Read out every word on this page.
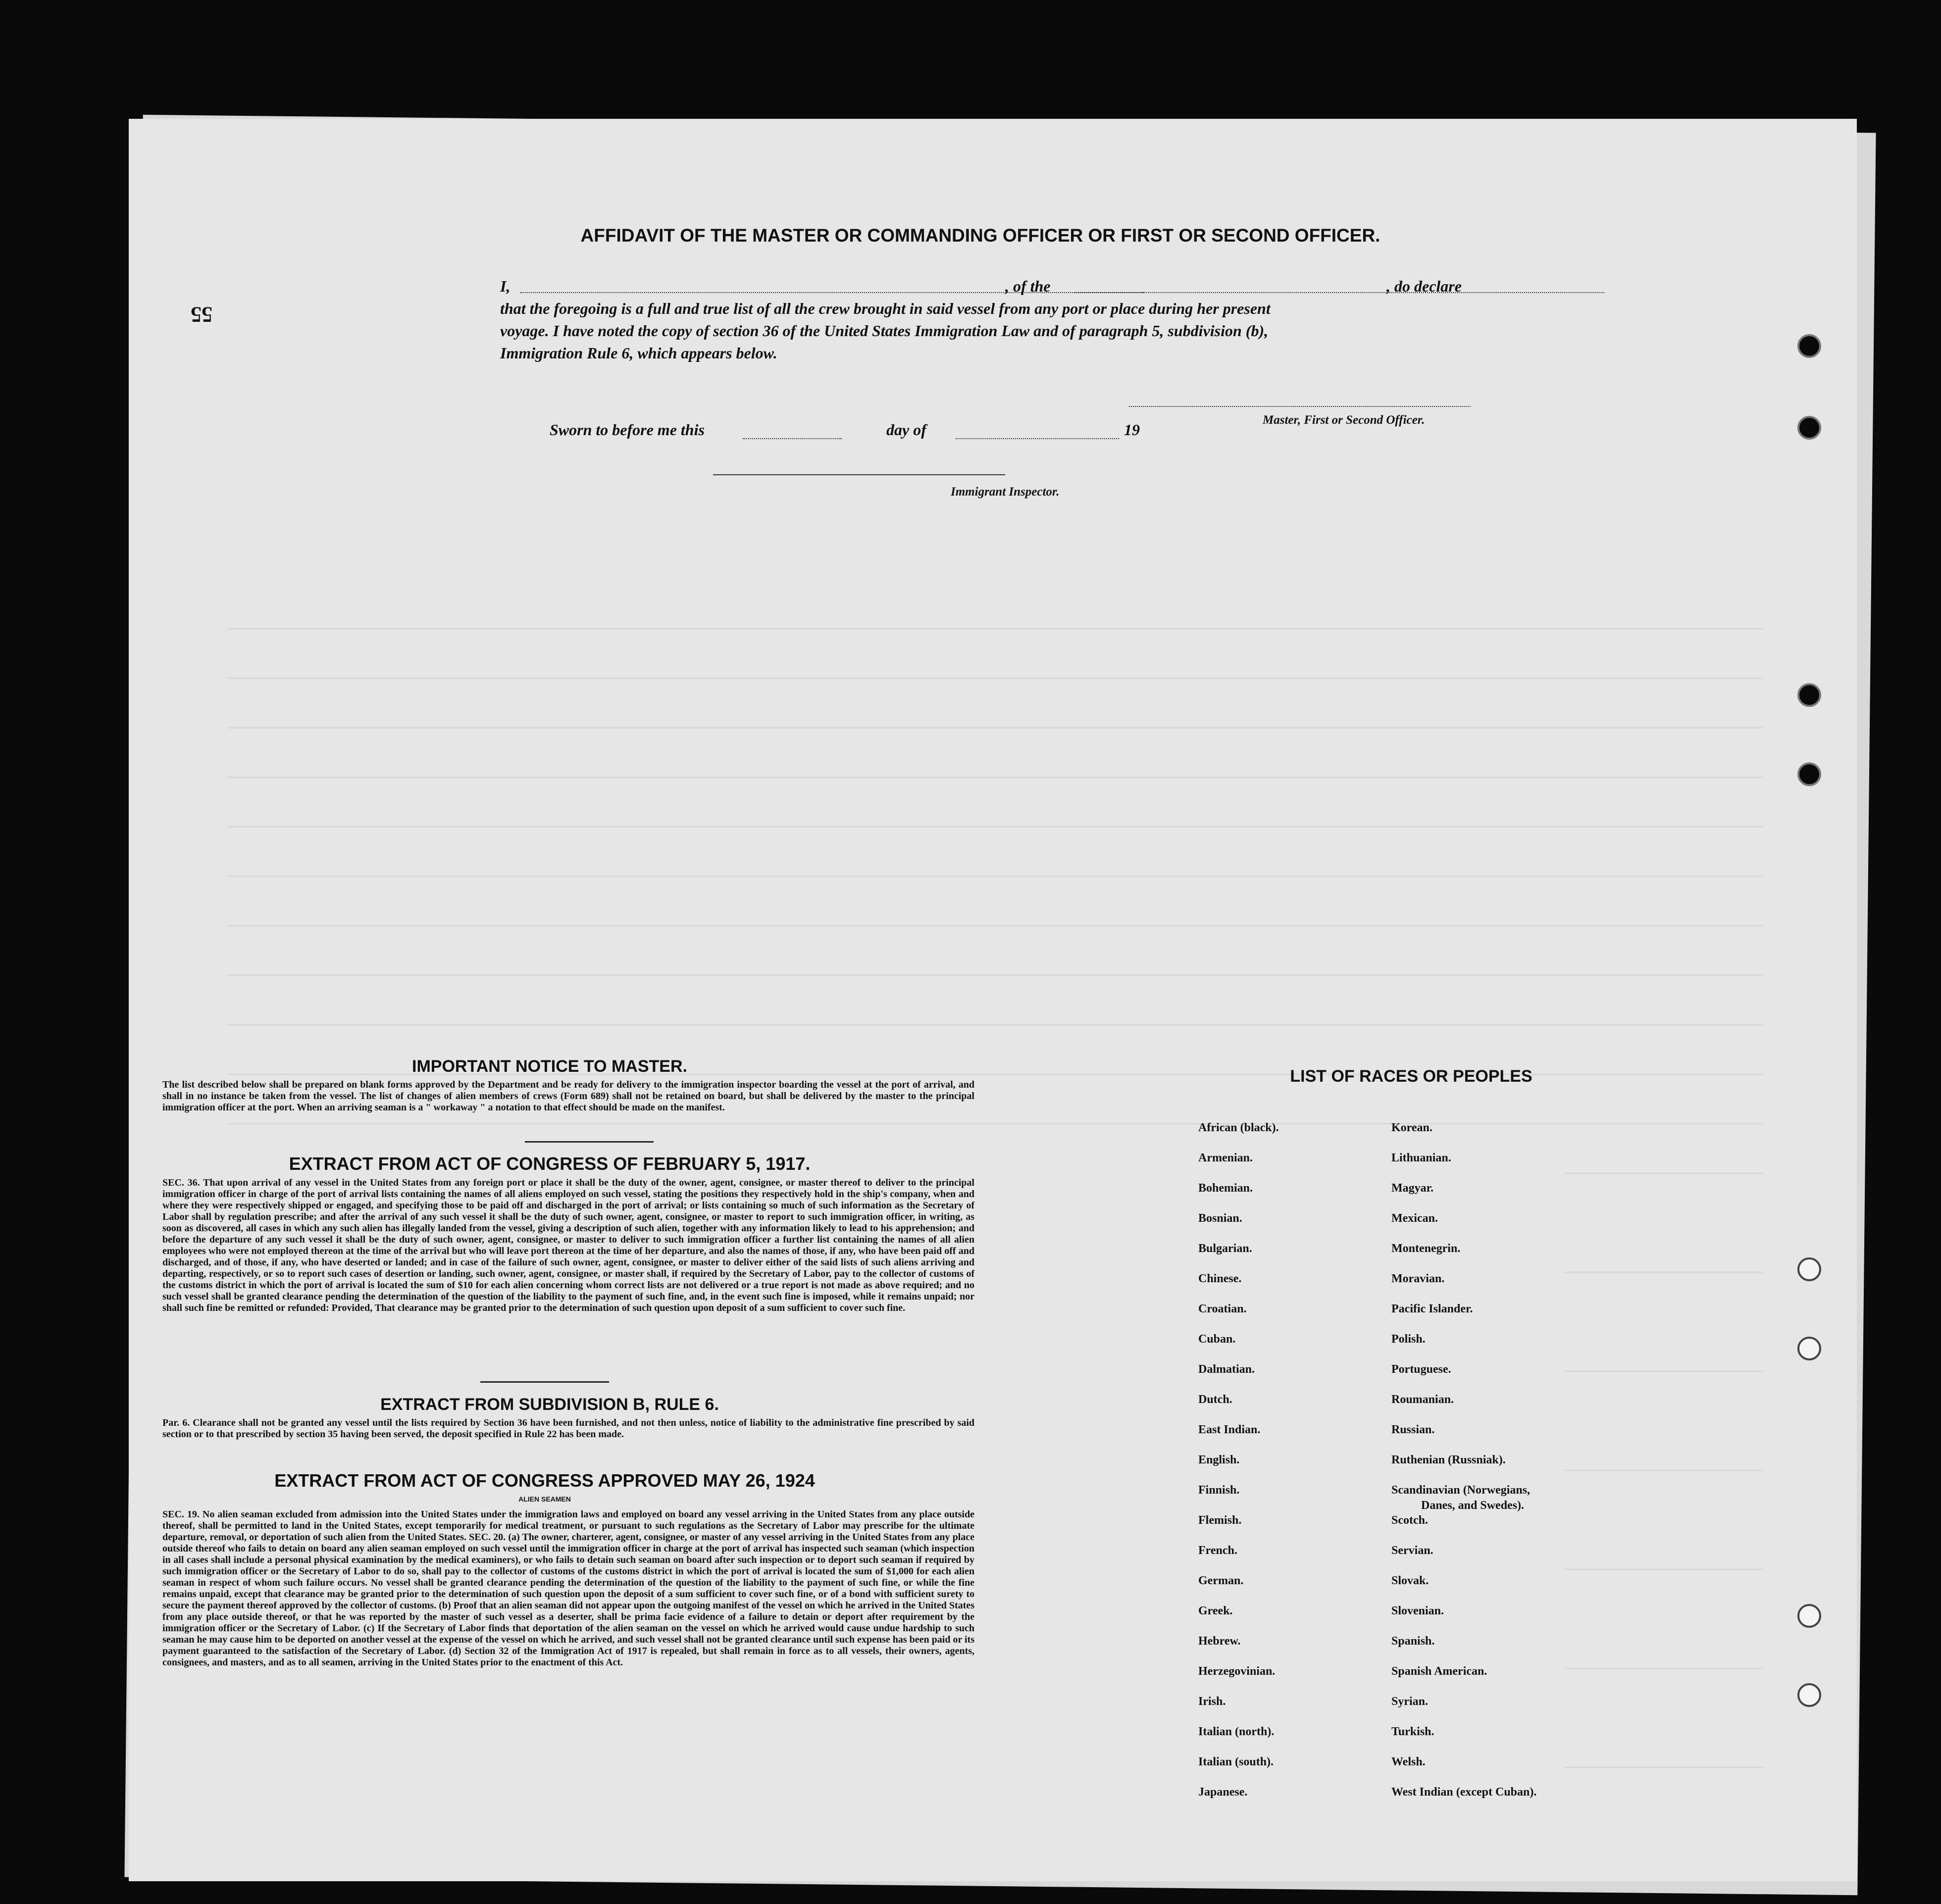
55
AFFIDAVIT OF THE MASTER OR COMMANDING OFFICER OR FIRST OR SECOND OFFICER.
I,	, of the	, do declare
that the foregoing is a full and true list of all the crew brought in said vessel from any port or place during her present
voyage. I have noted the copy of section 36 of the United States Immigration Law and of paragraph 5, subdivision (b),
Immigration Rule 6, which appears below.
Master, First or Second Officer.
Sworn to before me this	day of	19
Immigrant Inspector.
IMPORTANT NOTICE TO MASTER.
The list described below shall be prepared on blank forms approved by the Department and be ready for delivery to the immigration inspector boarding the vessel at the port of arrival, and shall in no instance be taken from the vessel. The list of changes of alien members of crews (Form 689) shall not be retained on board, but shall be delivered by the master to the principal immigration officer at the port. When an arriving seaman is a " workaway " a notation to that effect should be made on the manifest.
EXTRACT FROM ACT OF CONGRESS OF FEBRUARY 5, 1917.
SEC. 36. That upon arrival of any vessel in the United States from any foreign port or place it shall be the duty of the owner, agent, consignee, or master thereof to deliver to the principal immigration officer in charge of the port of arrival lists containing the names of all aliens employed on such vessel, stating the positions they respectively hold in the ship's company, when and where they were respectively shipped or engaged, and specifying those to be paid off and discharged in the port of arrival; or lists containing so much of such information as the Secretary of Labor shall by regulation prescribe; and after the arrival of any such vessel it shall be the duty of such owner, agent, consignee, or master to report to such immigration officer, in writing, as soon as discovered, all cases in which any such alien has illegally landed from the vessel, giving a description of such alien, together with any information likely to lead to his apprehension; and before the departure of any such vessel it shall be the duty of such owner, agent, consignee, or master to deliver to such immigration officer a further list containing the names of all alien employees who were not employed thereon at the time of the arrival but who will leave port thereon at the time of her departure, and also the names of those, if any, who have been paid off and discharged, and of those, if any, who have deserted or landed; and in case of the failure of such owner, agent, consignee, or master to deliver either of the said lists of such aliens arriving and departing, respectively, or so to report such cases of desertion or landing, such owner, agent, consignee, or master shall, if required by the Secretary of Labor, pay to the collector of customs of the customs district in which the port of arrival is located the sum of $10 for each alien concerning whom correct lists are not delivered or a true report is not made as above required; and no such vessel shall be granted clearance pending the determination of the question of the liability to the payment of such fine, and, in the event such fine is imposed, while it remains unpaid; nor shall such fine be remitted or refunded: Provided, That clearance may be granted prior to the determination of such question upon deposit of a sum sufficient to cover such fine.
EXTRACT FROM SUBDIVISION B, RULE 6.
Par. 6. Clearance shall not be granted any vessel until the lists required by Section 36 have been furnished, and not then unless, notice of liability to the administrative fine prescribed by said section or to that prescribed by section 35 having been served, the deposit specified in Rule 22 has been made.
EXTRACT FROM ACT OF CONGRESS APPROVED MAY 26, 1924
ALIEN SEAMEN
SEC. 19. No alien seaman excluded from admission into the United States under the immigration laws and employed on board any vessel arriving in the United States from any place outside thereof, shall be permitted to land in the United States, except temporarily for medical treatment, or pursuant to such regulations as the Secretary of Labor may prescribe for the ultimate departure, removal, or deportation of such alien from the United States. SEC. 20. (a) The owner, charterer, agent, consignee, or master of any vessel arriving in the United States from any place outside thereof who fails to detain on board any alien seaman employed on such vessel until the immigration officer in charge at the port of arrival has inspected such seaman (which inspection in all cases shall include a personal physical examination by the medical examiners), or who fails to detain such seaman on board after such inspection or to deport such seaman if required by such immigration officer or the Secretary of Labor to do so, shall pay to the collector of customs of the customs district in which the port of arrival is located the sum of $1,000 for each alien seaman in respect of whom such failure occurs. No vessel shall be granted clearance pending the determination of the question of the liability to the payment of such fine, or while the fine remains unpaid, except that clearance may be granted prior to the determination of such question upon the deposit of a sum sufficient to cover such fine, or of a bond with sufficient surety to secure the payment thereof approved by the collector of customs. (b) Proof that an alien seaman did not appear upon the outgoing manifest of the vessel on which he arrived in the United States from any place outside thereof, or that he was reported by the master of such vessel as a deserter, shall be prima facie evidence of a failure to detain or deport after requirement by the immigration officer or the Secretary of Labor. (c) If the Secretary of Labor finds that deportation of the alien seaman on the vessel on which he arrived would cause undue hardship to such seaman he may cause him to be deported on another vessel at the expense of the vessel on which he arrived, and such vessel shall not be granted clearance until such expense has been paid or its payment guaranteed to the satisfaction of the Secretary of Labor. (d) Section 32 of the Immigration Act of 1917 is repealed, but shall remain in force as to all vessels, their owners, agents, consignees, and masters, and as to all seamen, arriving in the United States prior to the enactment of this Act.
LIST OF RACES OR PEOPLES
African (black).
Armenian.
Bohemian.
Bosnian.
Bulgarian.
Chinese.
Croatian.
Cuban.
Dalmatian.
Dutch.
East Indian.
English.
Finnish.
Flemish.
French.
German.
Greek.
Hebrew.
Herzegovinian.
Irish.
Italian (north).
Italian (south).
Japanese.
Korean.
Lithuanian.
Magyar.
Mexican.
Montenegrin.
Moravian.
Pacific Islander.
Polish.
Portuguese.
Roumanian.
Russian.
Ruthenian (Russniak).
Scandinavian (Norwegians,
Danes, and Swedes).
Scotch.
Servian.
Slovak.
Slovenian.
Spanish.
Spanish American.
Syrian.
Turkish.
Welsh.
West Indian (except Cuban).
